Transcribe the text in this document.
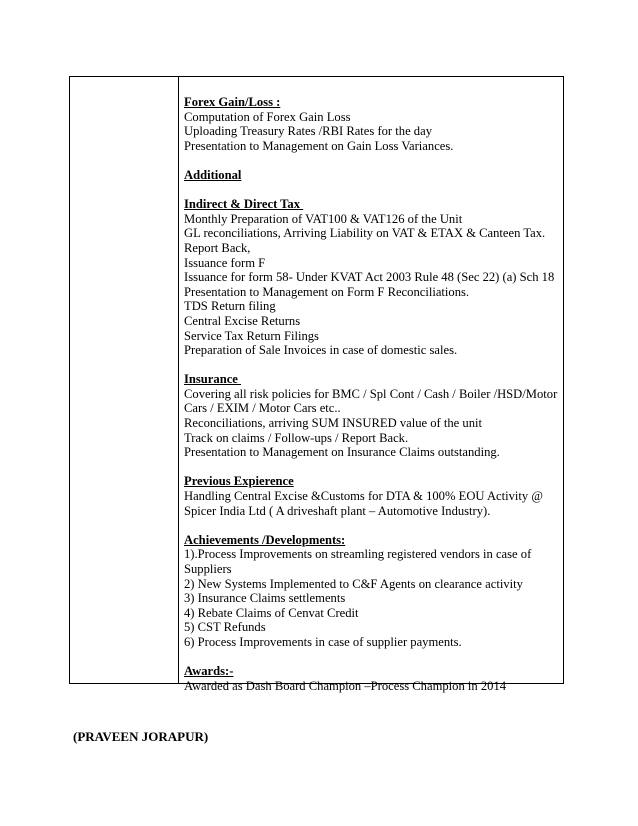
Forex Gain/Loss :
Computation of Forex Gain Loss
Uploading Treasury Rates /RBI Rates for the day
Presentation to Management on Gain Loss Variances.
Additional
Indirect & Direct Tax
Monthly Preparation of VAT100 & VAT126 of the Unit
GL reconciliations, Arriving Liability on VAT & ETAX & Canteen Tax.
Report Back,
Issuance form F
Issuance for form 58- Under KVAT Act 2003 Rule 48 (Sec 22) (a) Sch 18
Presentation to Management on Form F Reconciliations.
TDS Return filing
Central Excise Returns
Service Tax Return Filings
Preparation of Sale Invoices in case of domestic sales.
Insurance
Covering all risk policies for BMC / Spl Cont / Cash / Boiler /HSD/Motor
Cars / EXIM / Motor Cars etc..
Reconciliations, arriving SUM INSURED value of the unit
Track on claims / Follow-ups / Report Back.
Presentation to Management on Insurance Claims outstanding.
Previous Expierence
Handling Central Excise &Customs for DTA & 100% EOU Activity @
Spicer India Ltd ( A driveshaft plant – Automotive Industry).
Achievements /Developments:
1).Process Improvements on streamling registered vendors in case of
Suppliers
2) New Systems Implemented to C&F Agents on clearance activity
3) Insurance Claims settlements
4) Rebate Claims of Cenvat Credit
5) CST Refunds
6) Process Improvements in case of supplier payments.
Awards:-
Awarded as Dash Board Champion –Process Champion in 2014
(PRAVEEN JORAPUR)
